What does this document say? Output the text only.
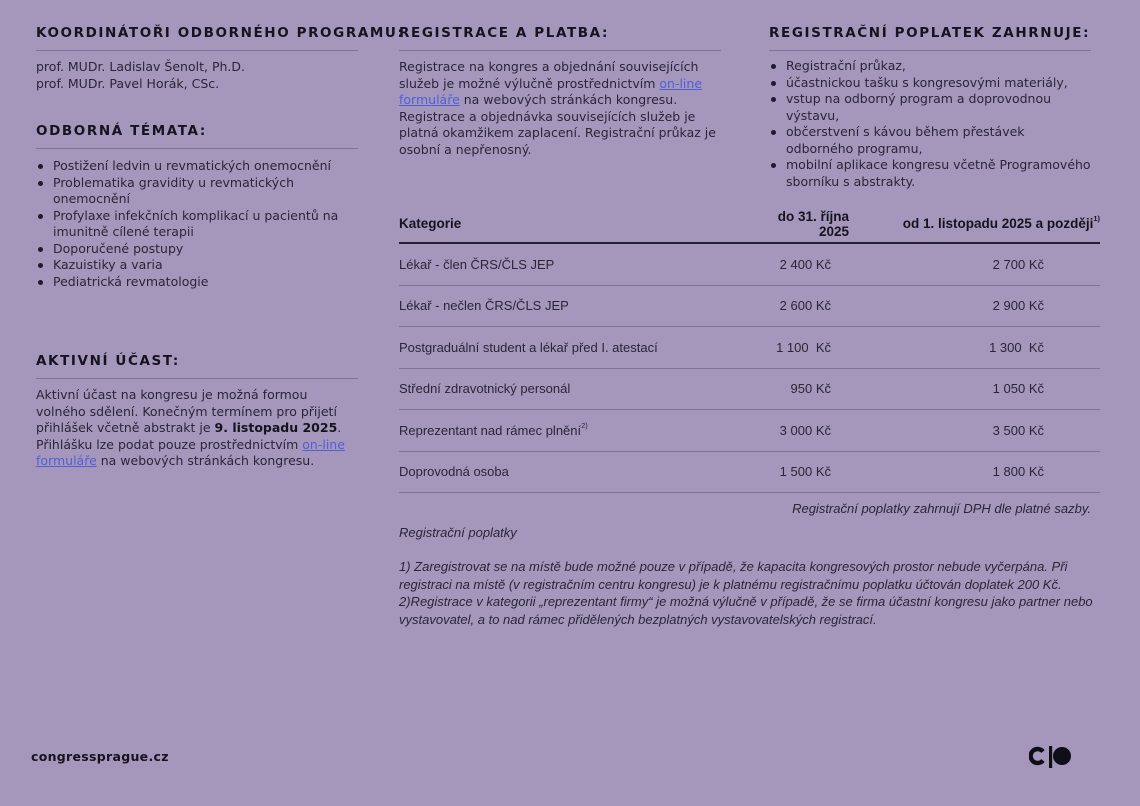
KOORDINÁTOŘI ODBORNÉHO PROGRAMU:

prof. MUDr. Ladislav Šenolt, Ph.D.
prof. MUDr. Pavel Horák, CSc.

ODBORNÁ TÉMATA:
Postižení ledvin u revmatických onemocnění
Problematika gravidity u revmatických onemocnění
Profylaxe infekčních komplikací u pacientů na imunitně cílené terapii
Doporučené postupy
Kazuistiky a varia
Pediatrická revmatologie
AKTIVNÍ ÚČAST:

Aktivní účast na kongresu je možná formou volného sdělení. Konečným termínem pro přijetí přihlášek včetně abstrakt je 9. listopadu 2025.
Přihlášku lze podat pouze prostřednictvím on-line formuláře na webových stránkách kongresu.

REGISTRACE A PLATBA:

Registrace na kongres a objednání souvisejících služeb je možné výlučně prostřednictvím on-line formuláře na webových stránkách kongresu. Registrace a objednávka souvisejících služeb je platná okamžikem zaplacení. Registrační průkaz je osobní a nepřenosný.

REGISTRAČNÍ POPLATEK ZAHRNUJE:
Registrační průkaz,
účastnickou tašku s kongresovými materiály,
vstup na odborný program a doprovodnou výstavu,
občerstvení s kávou během přestávek odborného programu,
mobilní aplikace kongresu včetně Programového sborníku s abstrakty.
Kategorie	do 31. října 2025	od 1. listopadu 2025 a později$^{1)}$
Lékař - člen ČRS/ČLS JEP	2 400 Kč	2 700 Kč
Lékař - nečlen ČRS/ČLS JEP	2 600 Kč	2 900 Kč
Postgraduální student a lékař před I. atestací	1 100  Kč	1 300  Kč
Střední zdravotnický personál	950 Kč	1 050 Kč
Reprezentant nad rámec plnění$^{2)}$	3 000 Kč	3 500 Kč
Doprovodná osoba	1 500 Kč	1 800 Kč

Registrační poplatky zahrnují DPH dle platné sazby.

Registrační poplatky

1) Zaregistrovat se na místě bude možné pouze v případě, že kapacita kongresových prostor nebude vyčerpána. Při registraci na místě (v registračním centru kongresu) je k platnému registračnímu poplatku účtován doplatek 200 Kč.

2)Registrace v kategorii „reprezentant firmy“ je možná výlučně v případě, že se firma účastní kongresu jako partner nebo vystavovatel, a to nad rámec přidělených bezplatných vystavovatelských registrací.

congressprague.cz
